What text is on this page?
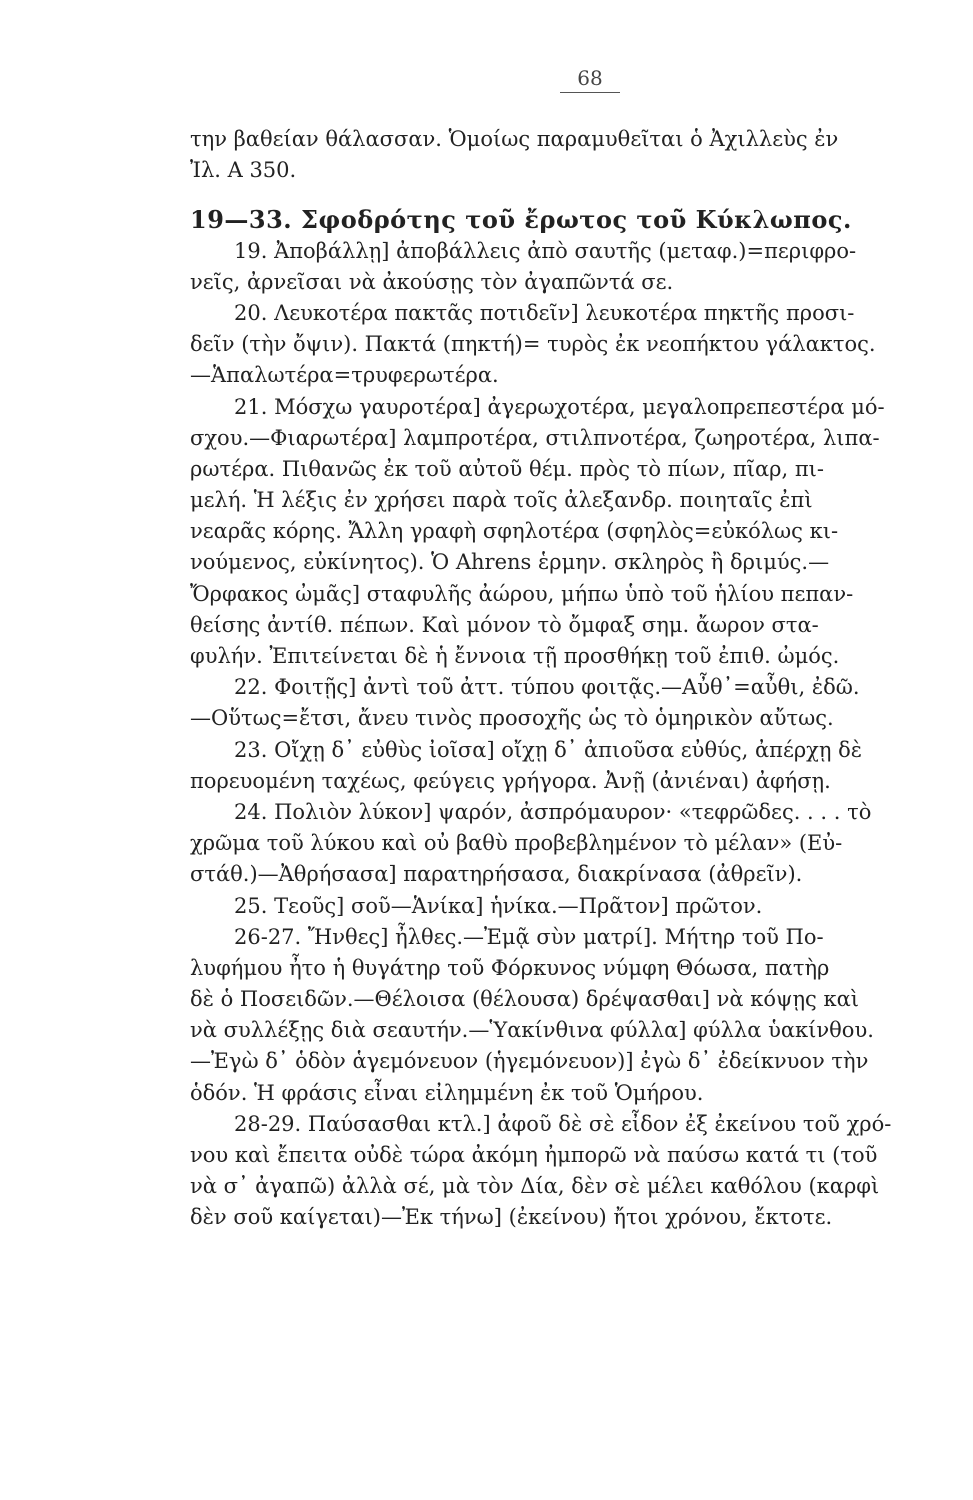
68
την βαθείαν θάλασσαν. Ὁμοίως παραμυθεῖται ὁ Ἀχιλλεὺς ἐν
Ἰλ. Α 350.
19—33. Σφοδρότης τοῦ ἔρωτος τοῦ Κύκλωπος.
19. Ἀποβάλλῃ] ἀποβάλλεις ἀπὸ σαυτῆς (μεταφ.)=περιφρο-
νεῖς, ἀρνεῖσαι νὰ ἀκούσῃς τὸν ἀγαπῶντά σε.
20. Λευκοτέρα πακτᾶς ποτιδεῖν] λευκοτέρα πηκτῆς προσι-
δεῖν (τὴν ὄψιν). Πακτά (πηκτή)= τυρὸς ἐκ νεοπήκτου γάλακτος.
—Ἁπαλωτέρα=τρυφερωτέρα.
21. Μόσχω γαυροτέρα] ἀγερωχοτέρα, μεγαλοπρεπεστέρα μό-
σχου.—Φιαρωτέρα] λαμπροτέρα, στιλπνοτέρα, ζωηροτέρα, λιπα-
ρωτέρα. Πιθανῶς ἐκ τοῦ αὐτοῦ θέμ. πρὸς τὸ πίων, πῖαρ, πι-
μελή. Ἡ λέξις ἐν χρήσει παρὰ τοῖς ἀλεξανδρ. ποιηταῖς ἐπὶ
νεαρᾶς κόρης. Ἄλλη γραφὴ σφηλοτέρα (σφηλὸς=εὐκόλως κι-
νούμενος, εὐκίνητος). Ὁ Ahrens ἑρμην. σκληρὸς ἢ δριμύς.—
Ὄρφακος ὠμᾶς] σταφυλῆς ἀώρου, μήπω ὑπὸ τοῦ ἡλίου πεπαν-
θείσης ἀντίθ. πέπων. Καὶ μόνον τὸ ὄμφαξ σημ. ἄωρον στα-
φυλήν. Ἐπιτείνεται δὲ ἡ ἔννοια τῇ προσθήκῃ τοῦ ἐπιθ. ὠμός.
22. Φοιτῇς] ἀντὶ τοῦ ἀττ. τύπου φοιτᾷς.—Αὖθ᾽=αὖθι, ἐδῶ.
—Οὕτως=ἔτσι, ἄνευ τινὸς προσοχῆς ὡς τὸ ὁμηρικὸν αὔτως.
23. Οἴχῃ δ᾽ εὐθὺς ἰοῖσα] οἴχῃ δ᾽ ἀπιοῦσα εὐθύς, ἀπέρχῃ δὲ
πορευομένη ταχέως, φεύγεις γρήγορα. Ἀνῇ (ἀνιέναι) ἀφήσῃ.
24. Πολιὸν λύκον] ψαρόν, ἀσπρόμαυρον· «τεφρῶδες. . . . τὸ
χρῶμα τοῦ λύκου καὶ οὐ βαθὺ προβεβλημένον τὸ μέλαν» (Εὐ-
στάθ.)—Ἀθρήσασα] παρατηρήσασα, διακρίνασα (ἀθρεῖν).
25. Τεοῦς] σοῦ—Ἁνίκα] ἡνίκα.—Πρᾶτον] πρῶτον.
26-27. Ἤνθες] ἦλθες.—Ἐμᾷ σὺν ματρί]. Μήτηρ τοῦ Πο-
λυφήμου ἦτο ἡ θυγάτηρ τοῦ Φόρκυνος νύμφη Θόωσα, πατὴρ
δὲ ὁ Ποσειδῶν.—Θέλοισα (θέλουσα) δρέψασθαι] νὰ κόψῃς καὶ
νὰ συλλέξῃς διὰ σεαυτήν.—Ὑακίνθινα φύλλα] φύλλα ὑακίνθου.
—Ἐγὼ δ᾽ ὁδὸν ἁγεμόνευον (ἡγεμόνευον)] ἐγὼ δ᾽ ἐδείκνυον τὴν
ὁδόν. Ἡ φράσις εἶναι εἰλημμένη ἐκ τοῦ Ὁμήρου.
28-29. Παύσασθαι κτλ.] ἀφοῦ δὲ σὲ εἶδον ἐξ ἐκείνου τοῦ χρό-
νου καὶ ἔπειτα οὐδὲ τώρα ἀκόμη ἠμπορῶ νὰ παύσω κατά τι (τοῦ
νὰ σ᾽ ἀγαπῶ) ἀλλὰ σέ, μὰ τὸν Δία, δὲν σὲ μέλει καθόλου (καρφὶ
δὲν σοῦ καίγεται)—Ἐκ τήνω] (ἐκείνου) ἤτοι χρόνου, ἔκτοτε.
